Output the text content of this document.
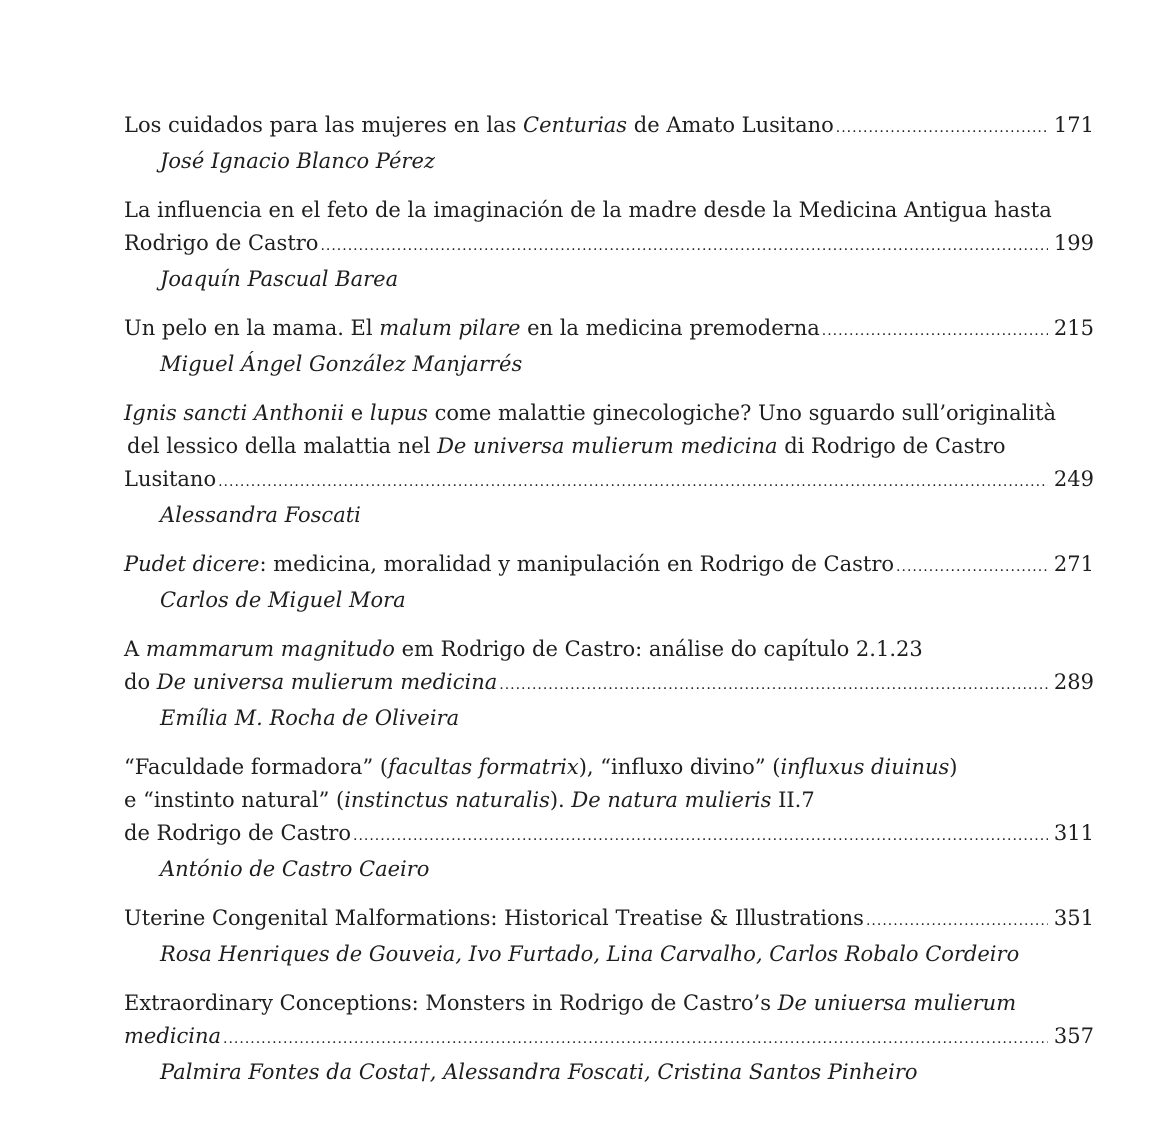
Los cuidados para las mujeres en las Centurias de Amato Lusitano .....	171
José Ignacio Blanco Pérez
La influencia en el feto de la imaginación de la madre desde la Medicina Antigua hasta
Rodrigo de Castro .....	199
Joaquín Pascual Barea
Un pelo en la mama. El malum pilare en la medicina premoderna .....	215
Miguel Ángel González Manjarrés
Ignis sancti Anthonii e lupus come malattie ginecologiche? Uno sguardo sull’originalità
del lessico della malattia nel De universa mulierum medicina di Rodrigo de Castro
Lusitano .....	249
Alessandra Foscati
Pudet dicere: medicina, moralidad y manipulación en Rodrigo de Castro .....	271
Carlos de Miguel Mora
A mammarum magnitudo em Rodrigo de Castro: análise do capítulo 2.1.23
do De universa mulierum medicina .....	289
Emília M. Rocha de Oliveira
“Faculdade formadora” (facultas formatrix), “influxo divino” (influxus diuinus)
e “instinto natural” (instinctus naturalis). De natura mulieris II.7
de Rodrigo de Castro .....	311
António de Castro Caeiro
Uterine Congenital Malformations: Historical Treatise & Illustrations .....	351
Rosa Henriques de Gouveia, Ivo Furtado, Lina Carvalho, Carlos Robalo Cordeiro
Extraordinary Conceptions: Monsters in Rodrigo de Castro’s De uniuersa mulierum
medicina .....	357
Palmira Fontes da Costa†, Alessandra Foscati, Cristina Santos Pinheiro
